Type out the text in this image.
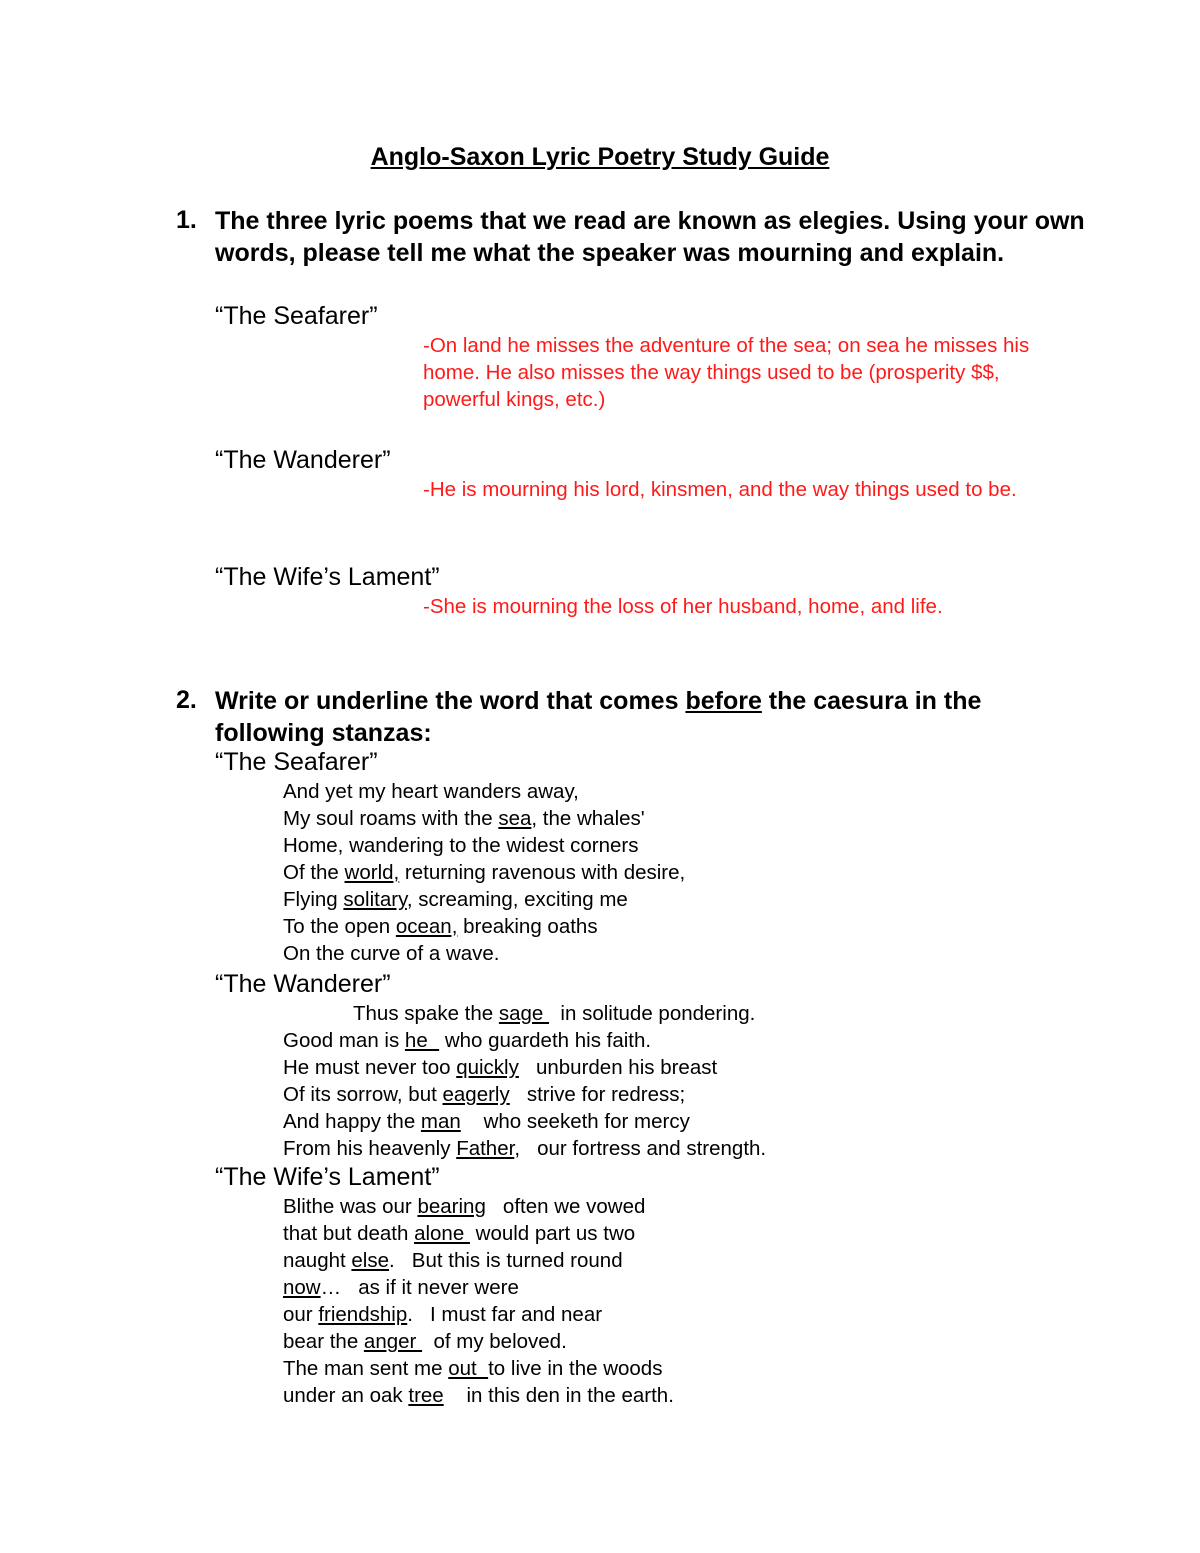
Anglo-Saxon Lyric Poetry Study Guide
1. The three lyric poems that we read are known as elegies. Using your own words, please tell me what the speaker was mourning and explain.
“The Seafarer”
-On land he misses the adventure of the sea; on sea he misses his home. He also misses the way things used to be (prosperity $$, powerful kings, etc.)
“The Wanderer”
-He is mourning his lord, kinsmen, and the way things used to be.
“The Wife’s Lament”
-She is mourning the loss of her husband, home, and life.
2. Write or underline the word that comes before the caesura in the following stanzas:
“The Seafarer”
And yet my heart wanders away,
My soul roams with the sea, the whales'
Home, wandering to the widest corners
Of the world, returning ravenous with desire,
Flying solitary, screaming, exciting me
To the open ocean, breaking oaths
On the curve of a wave.
“The Wanderer”
Thus spake the sage   in solitude pondering.
Good man is he   who guardeth his faith.
He must never too quickly   unburden his breast
Of its sorrow, but eagerly   strive for redress;
And happy the man    who seeketh for mercy
From his heavenly Father,   our fortress and strength.
“The Wife’s Lament”
Blithe was our bearing   often we vowed
that but death alone  would part us two
naught else.   But this is turned round
now…   as if it never were
our friendship.   I must far and near
bear the anger   of my beloved.
The man sent me out  to live in the woods
under an oak tree    in this den in the earth.
